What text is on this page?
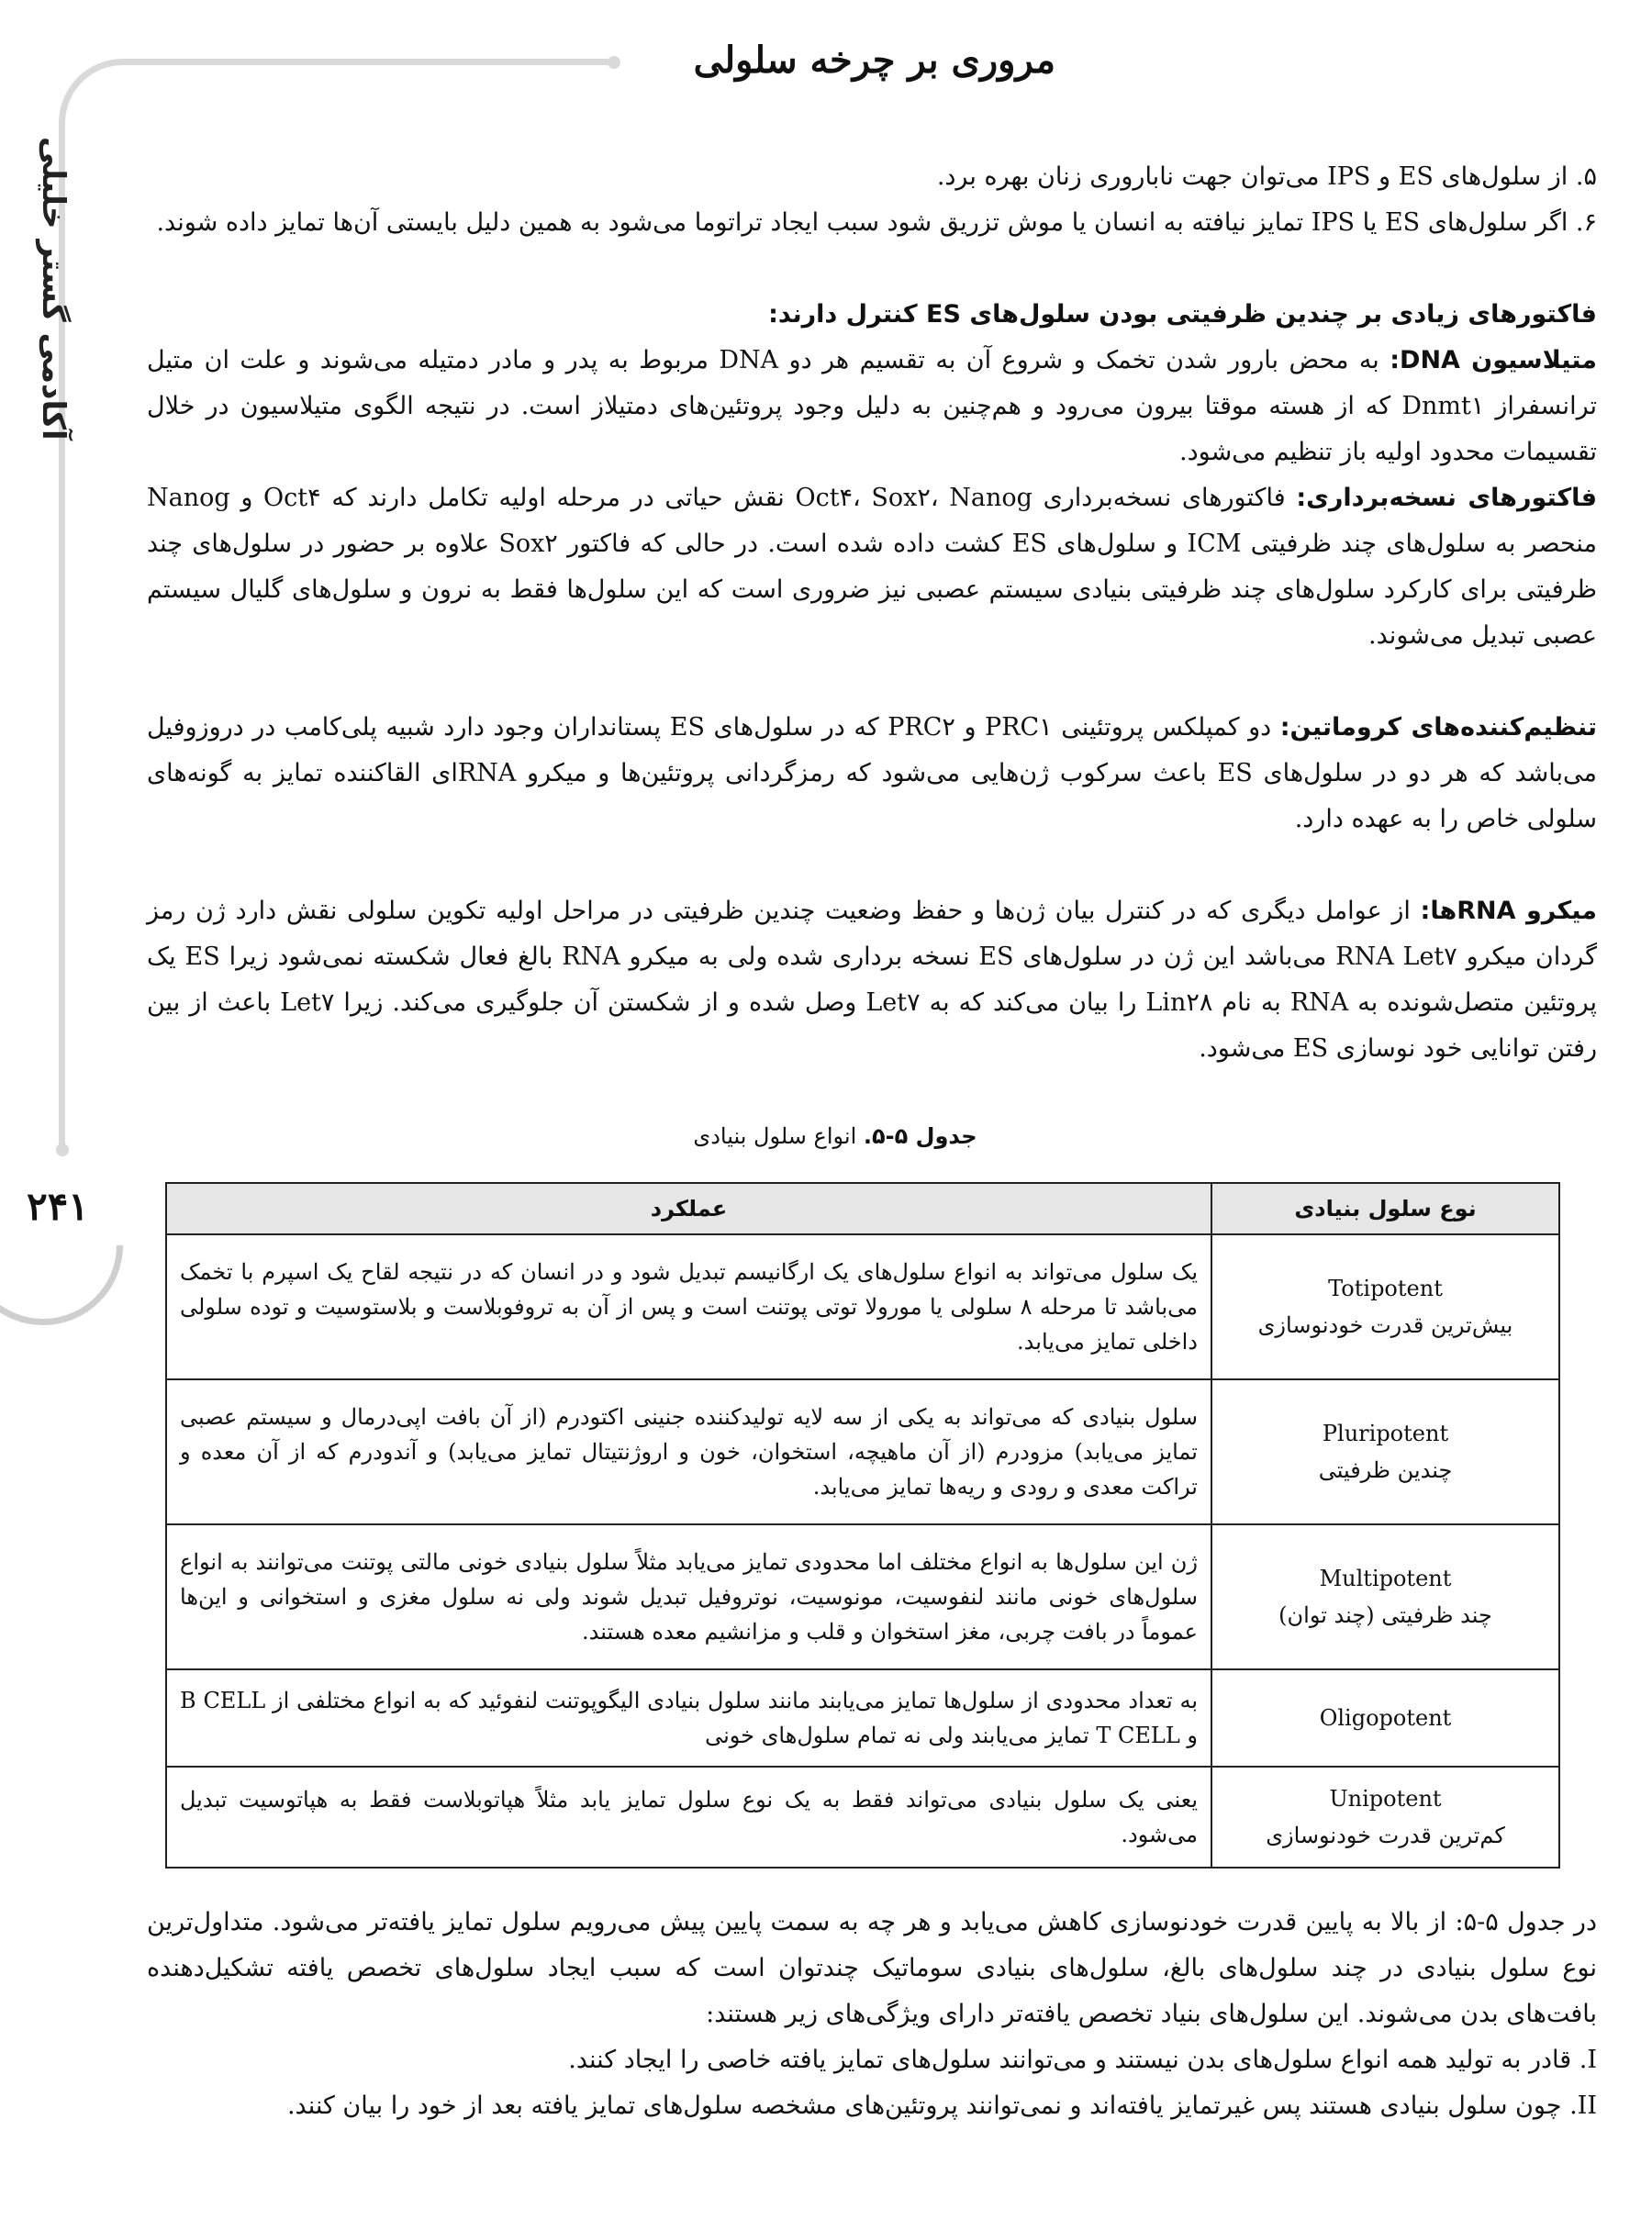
مروری بر چرخه سلولی
آکادمی گستر خلیلی
۲۴۱

۵. از سلول‌های ES و IPS می‌توان جهت ناباروری زنان بهره برد.

۶. اگر سلول‌های ES یا IPS تمایز نیافته به انسان یا موش تزریق شود سبب ایجاد تراتوما می‌شود به همین دلیل بایستی آن‌ها تمایز داده شوند.

فاکتورهای زیادی بر چندین ظرفیتی بودن سلول‌های ES کنترل دارند:

متیلاسیون DNA: به محض بارور شدن تخمک و شروع آن به تقسیم هر دو DNA مربوط به پدر و مادر دمتیله می‌شوند و علت ان متیل ترانسفراز Dnmt۱ که از هسته موقتا بیرون می‌رود و هم‌چنین به دلیل وجود پروتئین‌های دمتیلاز است. در نتیجه الگوی متیلاسیون در خلال تقسیمات محدود اولیه باز تنظیم می‌شود.

فاکتورهای نسخه‌برداری: فاکتورهای نسخه‌برداری Oct۴، Sox۲، Nanog نقش حیاتی در مرحله اولیه تکامل دارند که Oct۴ و Nanog منحصر به سلول‌های چند ظرفیتی ICM و سلول‌های ES کشت داده شده است. در حالی که فاکتور Sox۲ علاوه بر حضور در سلول‌های چند ظرفیتی برای کارکرد سلول‌های چند ظرفیتی بنیادی سیستم عصبی نیز ضروری است که این سلول‌ها فقط به نرون و سلول‌های گلیال سیستم عصبی تبدیل می‌شوند.

تنظیم‌کننده‌های کروماتین: دو کمپلکس پروتئینی PRC۱ و PRC۲ که در سلول‌های ES پستانداران وجود دارد شبیه پلی‌کامب در دروزوفیل می‌باشد که هر دو در سلول‌های ES باعث سرکوب ژن‌هایی می‌شود که رمزگردانی پروتئین‌ها و میکرو RNAای القاکننده تمایز به گونه‌های سلولی خاص را به عهده دارد.

میکرو RNAها: از عوامل دیگری که در کنترل بیان ژن‌ها و حفظ وضعیت چندین ظرفیتی در مراحل اولیه تکوین سلولی نقش دارد ژن رمز گردان میکرو RNA Let۷ می‌باشد این ژن در سلول‌های ES نسخه برداری شده ولی به میکرو RNA بالغ فعال شکسته نمی‌شود زیرا ES یک پروتئین متصل‌شونده به RNA به نام Lin۲۸ را بیان می‌کند که به Let۷ وصل شده و از شکستن آن جلوگیری می‌کند. زیرا Let۷ باعث از بین رفتن توانایی خود نوسازی ES می‌شود.

جدول ۵-۵. انواع سلول بنیادی
نوع سلول بنیادی	عملکرد

Totipotent
بیش‌ترین قدرت خودنوسازی	یک سلول می‌تواند به انواع سلول‌های یک ارگانیسم تبدیل شود و در انسان که در نتیجه لقاح یک اسپرم با تخمک می‌باشد تا مرحله ۸ سلولی یا مورولا توتی پوتنت است و پس از آن به تروفوبلاست و بلاستوسیت و توده سلولی داخلی تمایز می‌یابد.

Pluripotent
چندین ظرفیتی	سلول بنیادی که می‌تواند به یکی از سه لایه تولیدکننده جنینی اکتودرم (از آن بافت اپی‌درمال و سیستم عصبی تمایز می‌یابد) مزودرم (از آن ماهیچه، استخوان، خون و اروژنتیتال تمایز می‌یابد) و آندودرم که از آن معده و تراکت معدی و رودی و ریه‌ها تمایز می‌یابد.

Multipotent
چند ظرفیتی (چند توان)	ژن این سلول‌ها به انواع مختلف اما محدودی تمایز می‌یابد مثلاً سلول بنیادی خونی مالتی پوتنت می‌توانند به انواع سلول‌های خونی مانند لنفوسیت، مونوسیت، نوتروفیل تبدیل شوند ولی نه سلول مغزی و استخوانی و این‌ها عموماً در بافت چربی، مغز استخوان و قلب و مزانشیم معده هستند.

Oligopotent	به تعداد محدودی از سلول‌ها تمایز می‌یابند مانند سلول بنیادی الیگوپوتنت لنفوئید که به انواع مختلفی از B CELL و T CELL تمایز می‌یابند ولی نه تمام سلول‌های خونی

Unipotent
کم‌ترین قدرت خودنوسازی	یعنی یک سلول بنیادی می‌تواند فقط به یک نوع سلول تمایز یابد مثلاً هپاتوبلاست فقط به هپاتوسیت تبدیل می‌شود.

در جدول ۵-۵: از بالا به پایین قدرت خودنوسازی کاهش می‌یابد و هر چه به سمت پایین پیش می‌رویم سلول تمایز یافته‌تر می‌شود. متداول‌ترین نوع سلول بنیادی در چند سلول‌های بالغ، سلول‌های بنیادی سوماتیک چندتوان است که سبب ایجاد سلول‌های تخصص یافته تشکیل‌دهنده بافت‌های بدن می‌شوند. این سلول‌های بنیاد تخصص یافته‌تر دارای ویژگی‌های زیر هستند:

I. قادر به تولید همه انواع سلول‌های بدن نیستند و می‌توانند سلول‌های تمایز یافته خاصی را ایجاد کنند.

II. چون سلول بنیادی هستند پس غیرتمایز یافته‌اند و نمی‌توانند پروتئین‌های مشخصه سلول‌های تمایز یافته بعد از خود را بیان کنند.
